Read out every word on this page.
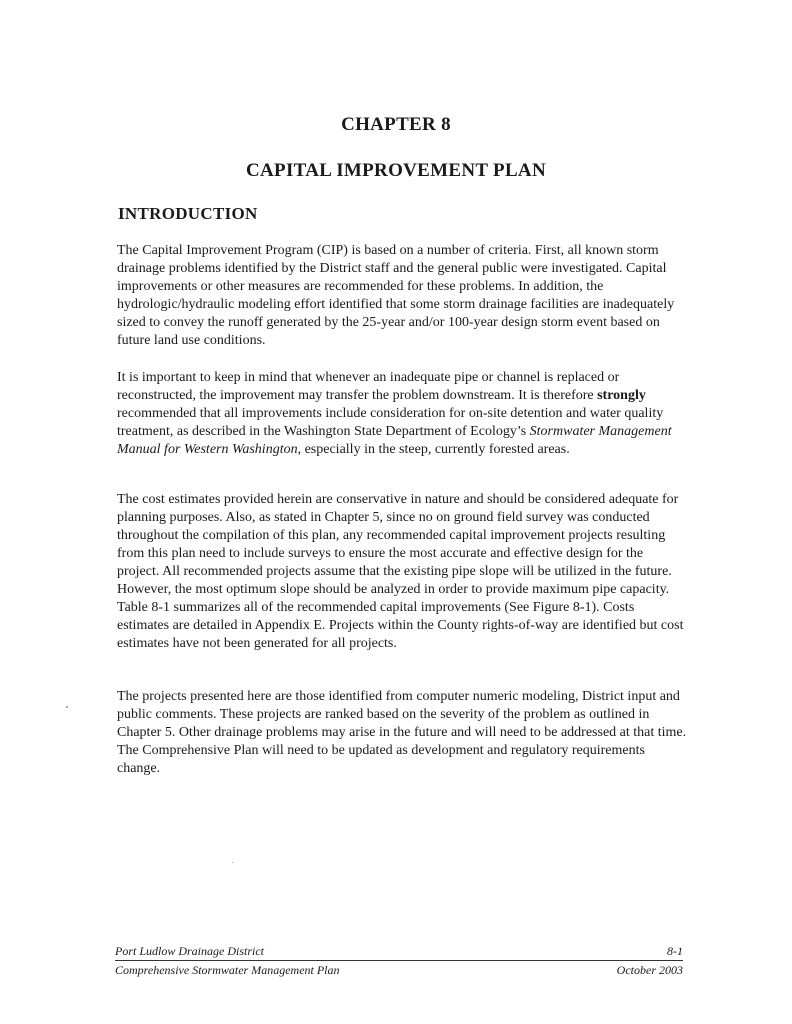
CHAPTER 8
CAPITAL IMPROVEMENT PLAN
INTRODUCTION

The Capital Improvement Program (CIP) is based on a number of criteria. First, all known storm drainage problems identified by the District staff and the general public were investigated. Capital improvements or other measures are recommended for these problems. In addition, the hydrologic/hydraulic modeling effort identified that some storm drainage facilities are inadequately sized to convey the runoff generated by the 25-year and/or 100-year design storm event based on future land use conditions.

It is important to keep in mind that whenever an inadequate pipe or channel is replaced or reconstructed, the improvement may transfer the problem downstream. It is therefore strongly recommended that all improvements include consideration for on-site detention and water quality treatment, as described in the Washington State Department of Ecology’s Stormwater Management Manual for Western Washington, especially in the steep, currently forested areas.

The cost estimates provided herein are conservative in nature and should be considered adequate for planning purposes. Also, as stated in Chapter 5, since no on ground field survey was conducted throughout the compilation of this plan, any recommended capital improvement projects resulting from this plan need to include surveys to ensure the most accurate and effective design for the project. All recommended projects assume that the existing pipe slope will be utilized in the future. However, the most optimum slope should be analyzed in order to provide maximum pipe capacity. Table 8-1 summarizes all of the recommended capital improvements (See Figure 8-1). Costs estimates are detailed in Appendix E. Projects within the County rights-of-way are identified but cost estimates have not been generated for all projects.

The projects presented here are those identified from computer numeric modeling, District input and public comments. These projects are ranked based on the severity of the problem as outlined in Chapter 5. Other drainage problems may arise in the future and will need to be addressed at that time. The Comprehensive Plan will need to be updated as development and regulatory requirements change.

Port Ludlow Drainage District	8-1
Comprehensive Stormwater Management Plan	October 2003
